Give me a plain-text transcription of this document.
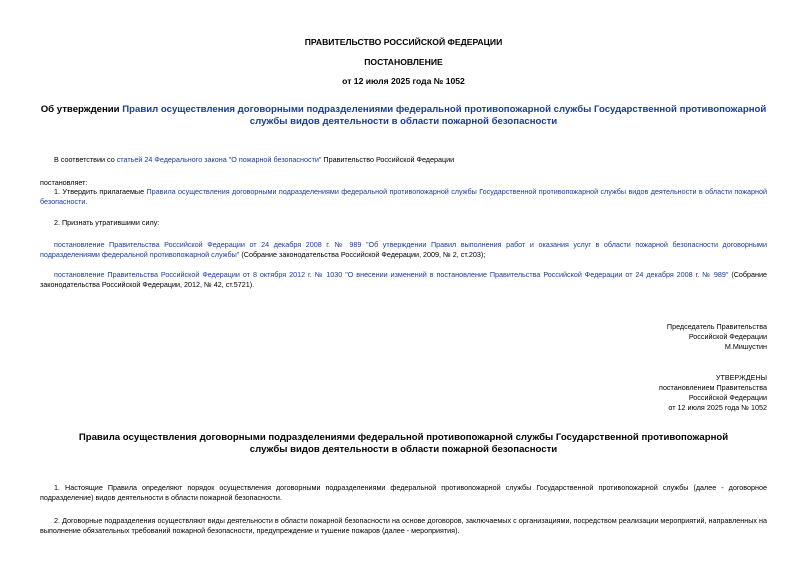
ПРАВИТЕЛЬСТВО РОССИЙСКОЙ ФЕДЕРАЦИИ
ПОСТАНОВЛЕНИЕ
от 12 июля 2025 года № 1052
Об утверждении Правил осуществления договорными подразделениями федеральной противопожарной службы Государственной противопожарной службы видов деятельности в области пожарной безопасности
В соответствии со статьей 24 Федерального закона "О пожарной безопасности" Правительство Российской Федерации
постановляет:
1. Утвердить прилагаемые Правила осуществления договорными подразделениями федеральной противопожарной службы Государственной противопожарной службы видов деятельности в области пожарной безопасности.
2. Признать утратившими силу:
постановление Правительства Российской Федерации от 24 декабря 2008 г. № 989 "Об утверждении Правил выполнения работ и оказания услуг в области пожарной безопасности договорными подразделениями федеральной противопожарной службы" (Собрание законодательства Российской Федерации, 2009, № 2, ст.203);
постановление Правительства Российской Федерации от 8 октября 2012 г. № 1030 "О внесении изменений в постановление Правительства Российской Федерации от 24 декабря 2008 г. № 989" (Собрание законодательства Российской Федерации, 2012, № 42, ст.5721).
Председатель Правительства
Российской Федерации
М.Мишустин
УТВЕРЖДЕНЫ
постановлением Правительства
Российской Федерации
от 12 июля 2025 года № 1052
Правила осуществления договорными подразделениями федеральной противопожарной службы Государственной противопожарной службы видов деятельности в области пожарной безопасности
1. Настоящие Правила определяют порядок осуществления договорными подразделениями федеральной противопожарной службы Государственной противопожарной службы (далее - договорное подразделение) видов деятельности в области пожарной безопасности.
2. Договорные подразделения осуществляют виды деятельности в области пожарной безопасности на основе договоров, заключаемых с организациями, посредством реализации мероприятий, направленных на выполнение обязательных требований пожарной безопасности, предупреждение и тушение пожаров (далее - мероприятия).
